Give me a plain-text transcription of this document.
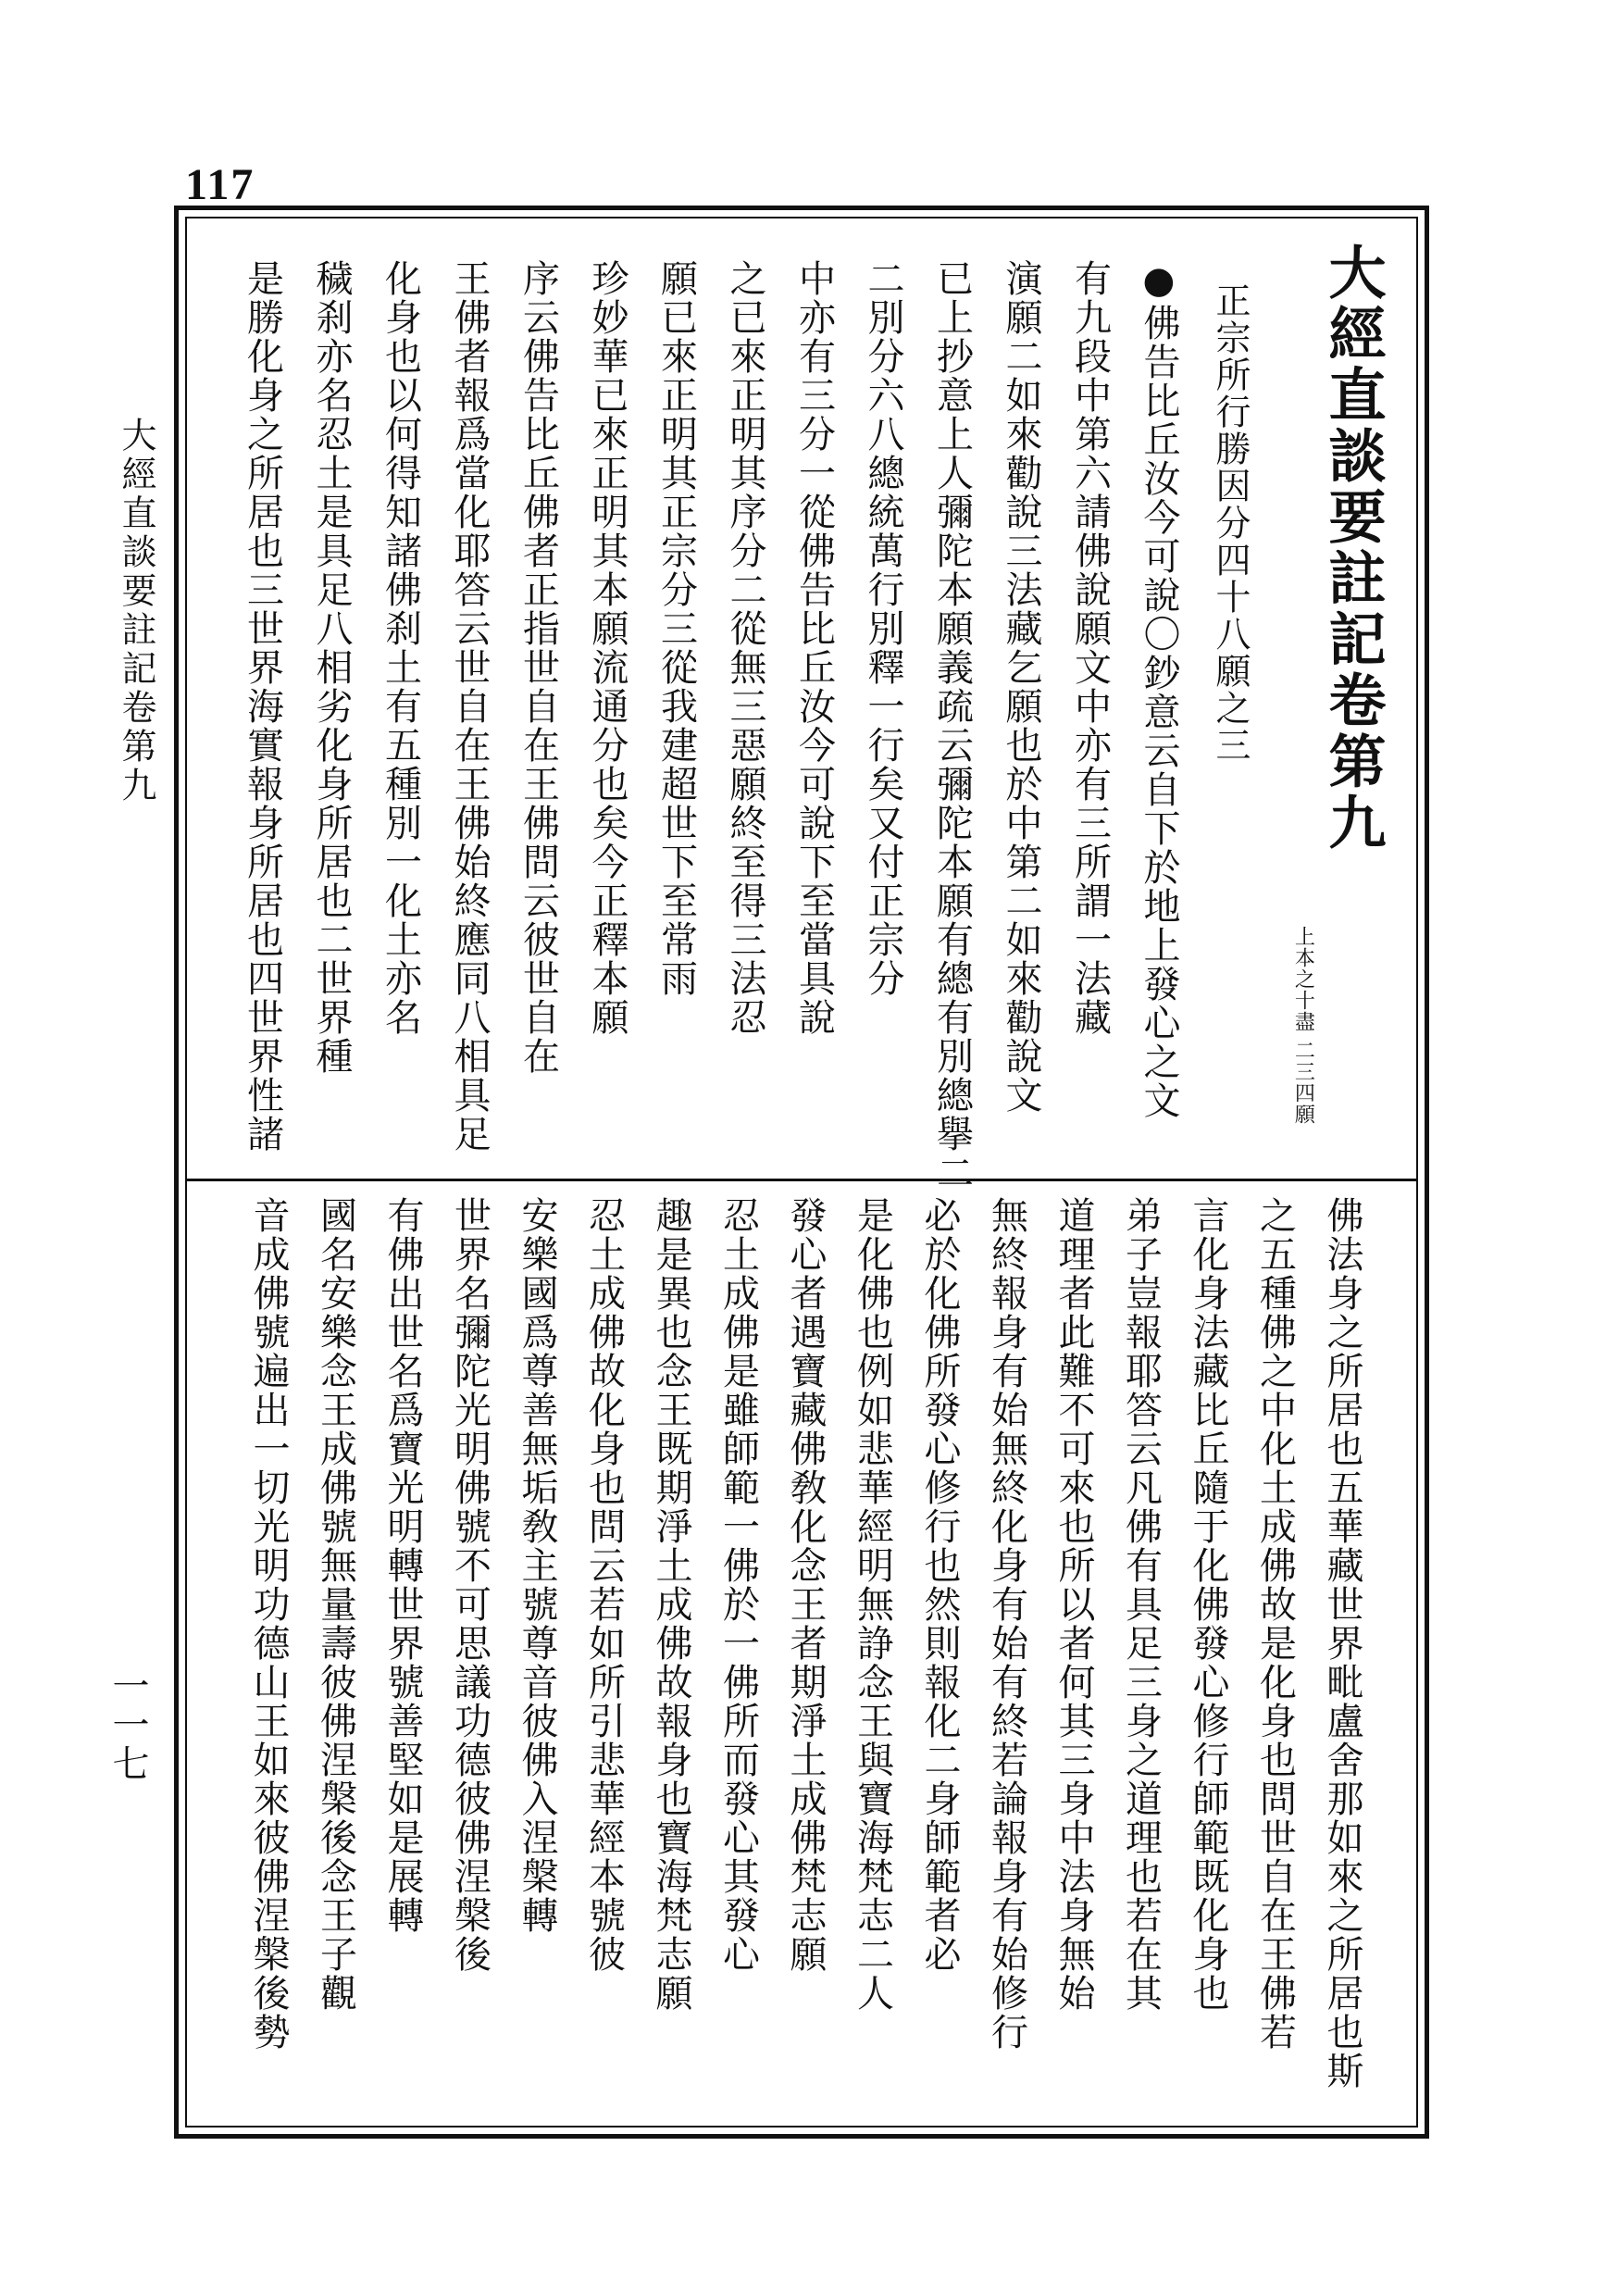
117
大經直談要註記卷第九
一一七
大經直談要註記卷第九
上本之十盡 二三四願
正宗所行勝因分四十八願之三
●佛告比丘汝今可說〇鈔意云自下於地上發心之文
有九段中第六請佛說願文中亦有三所謂一法藏
演願二如來勸說三法藏乞願也於中第二如來勸說文
已上抄意上人彌陀本願義疏云彌陀本願有總有別總擧二
二別分六八總統萬行別釋一行矣又付正宗分
中亦有三分一從佛告比丘汝今可說下至當具說
之已來正明其序分二從無三惡願終至得三法忍
願已來正明其正宗分三從我建超世下至常雨
珍妙華已來正明其本願流通分也矣今正釋本願
序云佛告比丘佛者正指世自在王佛問云彼世自在
王佛者報爲當化耶答云世自在王佛始終應同八相具足
化身也以何得知諸佛刹土有五種別一化土亦名
穢刹亦名忍土是具足八相劣化身所居也二世界種
是勝化身之所居也三世界海實報身所居也四世界性諸
佛法身之所居也五華藏世界毗盧舍那如來之所居也斯
之五種佛之中化土成佛故是化身也問世自在王佛若
言化身法藏比丘隨于化佛發心修行師範既化身也
弟子豈報耶答云凡佛有具足三身之道理也若在其
道理者此難不可來也所以者何其三身中法身無始
無終報身有始無終化身有始有終若論報身有始修行
必於化佛所發心修行也然則報化二身師範者必
是化佛也例如悲華經明無諍念王與寶海梵志二人
發心者遇寶藏佛敎化念王者期淨土成佛梵志願
忍土成佛是雖師範一佛於一佛所而發心其發心
趣是異也念王既期淨土成佛故報身也寶海梵志願
忍土成佛故化身也問云若如所引悲華經本號彼
安樂國爲尊善無垢敎主號尊音彼佛入涅槃轉
世界名彌陀光明佛號不可思議功德彼佛涅槃後
有佛出世名爲寶光明轉世界號善堅如是展轉
國名安樂念王成佛號無量壽彼佛涅槃後念王子觀
音成佛號遍出一切光明功德山王如來彼佛涅槃後勢
